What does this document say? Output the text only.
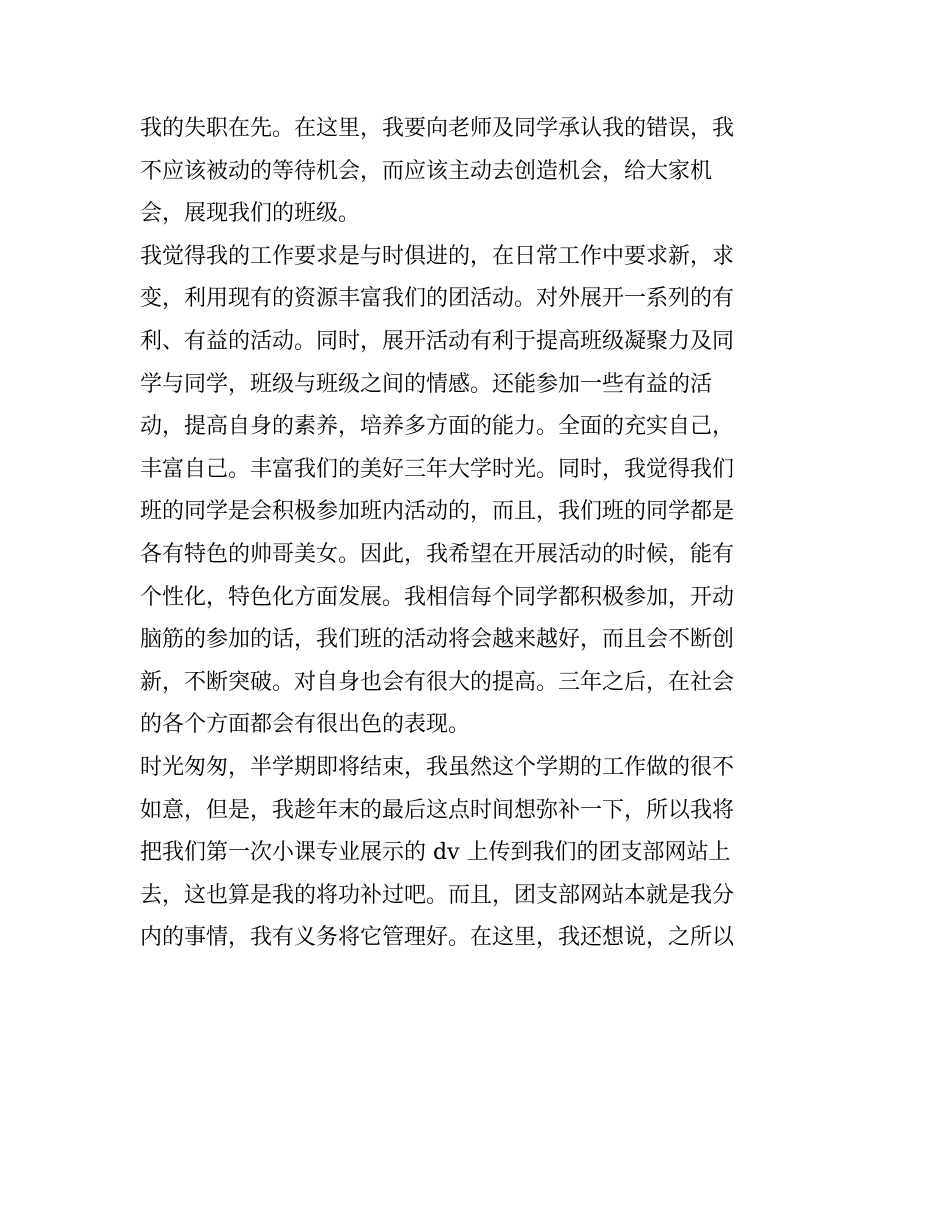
我的失职在先。在这里，我要向老师及同学承认我的错误，我
不应该被动的等待机会，而应该主动去创造机会，给大家机
会，展现我们的班级。
我觉得我的工作要求是与时俱进的，在日常工作中要求新，求
变，利用现有的资源丰富我们的团活动。对外展开一系列的有
利、有益的活动。同时，展开活动有利于提高班级凝聚力及同
学与同学，班级与班级之间的情感。还能参加一些有益的活
动，提高自身的素养，培养多方面的能力。全面的充实自己，
丰富自己。丰富我们的美好三年大学时光。同时，我觉得我们
班的同学是会积极参加班内活动的，而且，我们班的同学都是
各有特色的帅哥美女。因此，我希望在开展活动的时候，能有
个性化，特色化方面发展。我相信每个同学都积极参加，开动
脑筋的参加的话，我们班的活动将会越来越好，而且会不断创
新，不断突破。对自身也会有很大的提高。三年之后，在社会
的各个方面都会有很出色的表现。
时光匆匆，半学期即将结束，我虽然这个学期的工作做的很不
如意，但是，我趁年末的最后这点时间想弥补一下，所以我将
把我们第一次小课专业展示的 dv 上传到我们的团支部网站上
去，这也算是我的将功补过吧。而且，团支部网站本就是我分
内的事情，我有义务将它管理好。在这里，我还想说，之所以
